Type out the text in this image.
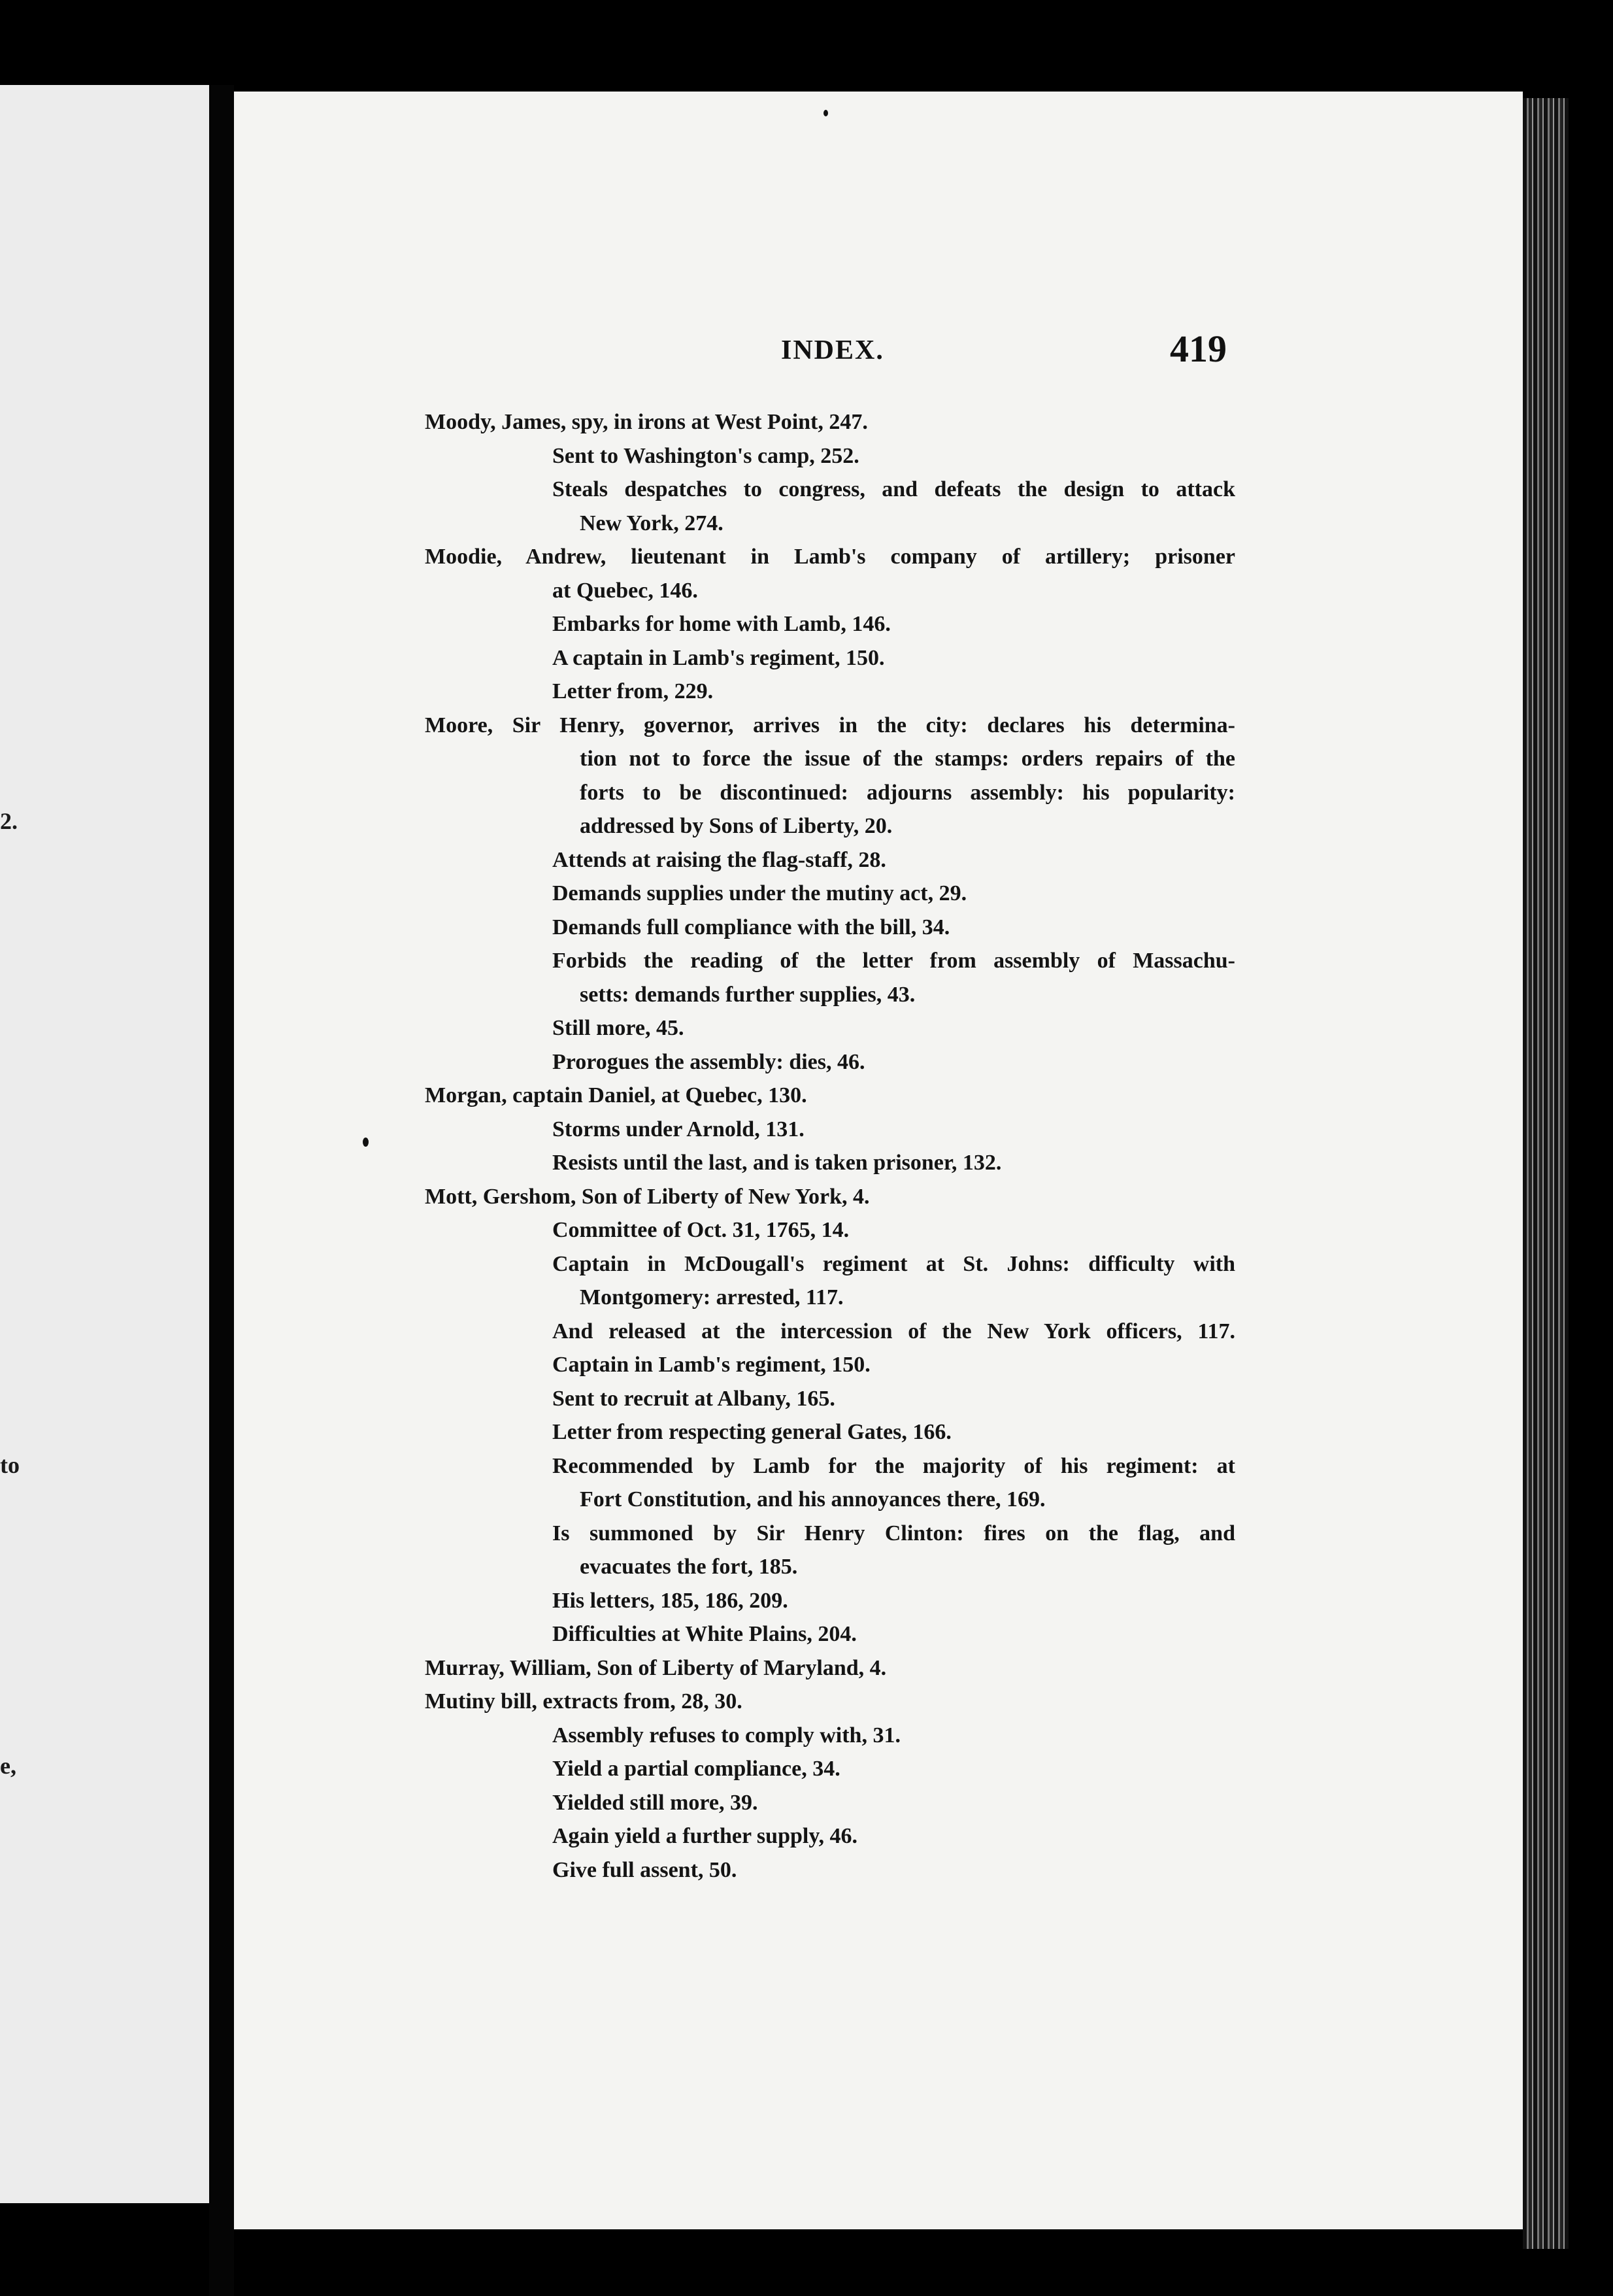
2.
to
e,
INDEX.	419
Moody, James, spy, in irons at West Point, 247.
Sent to Washington's camp, 252.
Steals despatches to congress, and defeats the design to attack
New York, 274.
Moodie, Andrew, lieutenant in Lamb's company of artillery; prisoner
at Quebec, 146.
Embarks for home with Lamb, 146.
A captain in Lamb's regiment, 150.
Letter from, 229.
Moore, Sir Henry, governor, arrives in the city: declares his determina-
tion not to force the issue of the stamps: orders repairs of the
forts to be discontinued: adjourns assembly: his popularity:
addressed by Sons of Liberty, 20.
Attends at raising the flag-staff, 28.
Demands supplies under the mutiny act, 29.
Demands full compliance with the bill, 34.
Forbids the reading of the letter from assembly of Massachu-
setts: demands further supplies, 43.
Still more, 45.
Prorogues the assembly: dies, 46.
Morgan, captain Daniel, at Quebec, 130.
Storms under Arnold, 131.
Resists until the last, and is taken prisoner, 132.
Mott, Gershom, Son of Liberty of New York, 4.
Committee of Oct. 31, 1765, 14.
Captain in McDougall's regiment at St. Johns: difficulty with
Montgomery: arrested, 117.
And released at the intercession of the New York officers, 117.
Captain in Lamb's regiment, 150.
Sent to recruit at Albany, 165.
Letter from respecting general Gates, 166.
Recommended by Lamb for the majority of his regiment: at
Fort Constitution, and his annoyances there, 169.
Is summoned by Sir Henry Clinton: fires on the flag, and
evacuates the fort, 185.
His letters, 185, 186, 209.
Difficulties at White Plains, 204.
Murray, William, Son of Liberty of Maryland, 4.
Mutiny bill, extracts from, 28, 30.
Assembly refuses to comply with, 31.
Yield a partial compliance, 34.
Yielded still more, 39.
Again yield a further supply, 46.
Give full assent, 50.
